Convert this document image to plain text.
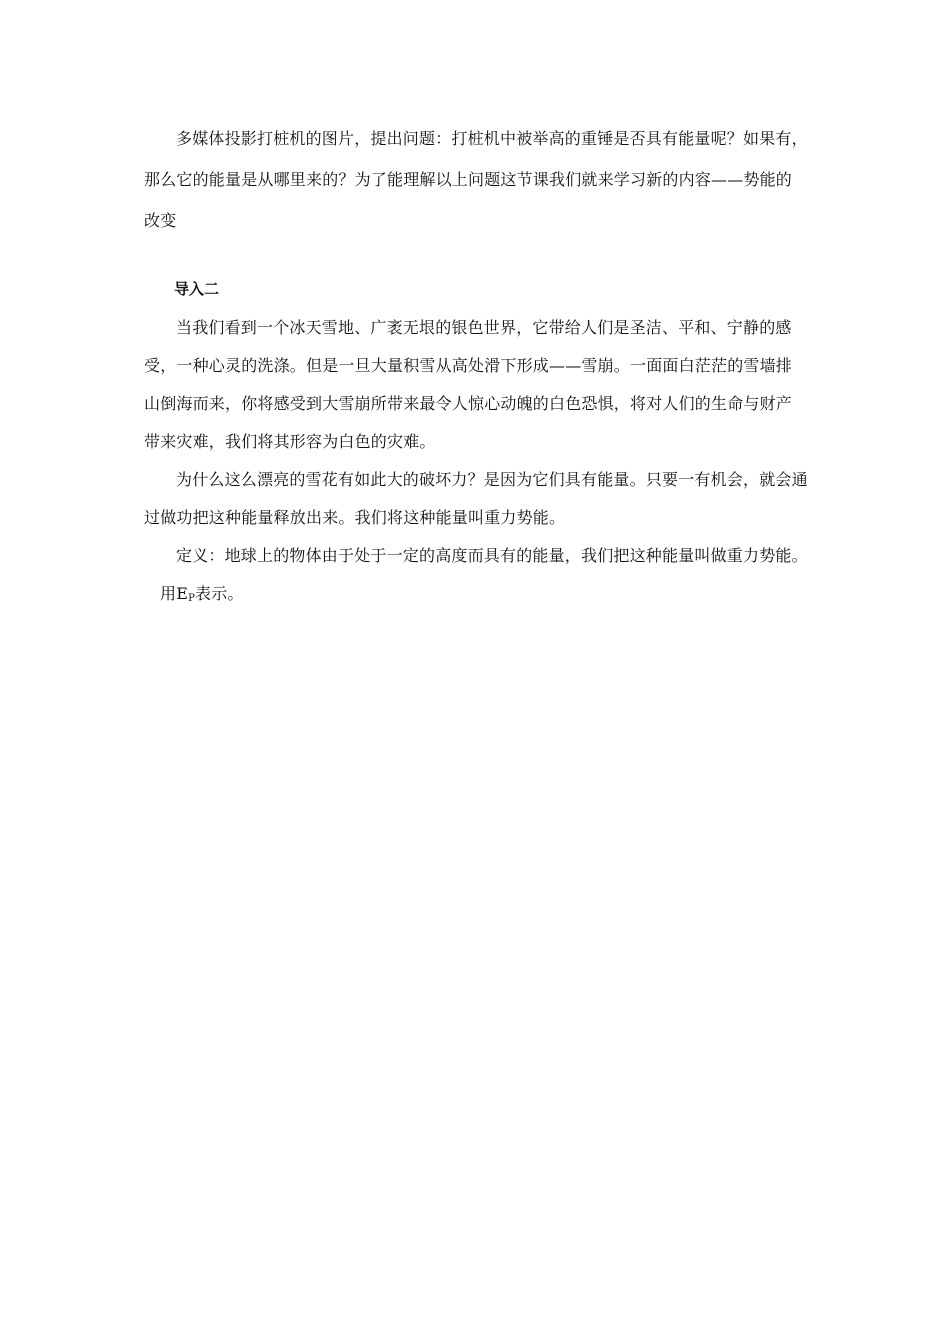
多媒体投影打桩机的图片，提出问题：打桩机中被举高的重锤是否具有能量呢？如果有，那么它的能量是从哪里来的？为了能理解以上问题这节课我们就来学习新的内容——势能的改变

导入二

当我们看到一个冰天雪地、广袤无垠的银色世界，它带给人们是圣洁、平和、宁静的感受，一种心灵的洗涤。但是一旦大量积雪从高处滑下形成——雪崩。一面面白茫茫的雪墙排山倒海而来，你将感受到大雪崩所带来最令人惊心动魄的白色恐惧，将对人们的生命与财产带来灾难，我们将其形容为白色的灾难。

为什么这么漂亮的雪花有如此大的破坏力？是因为它们具有能量。只要一有机会，就会通过做功把这种能量释放出来。我们将这种能量叫重力势能。

定义：地球上的物体由于处于一定的高度而具有的能量，我们把这种能量叫做重力势能。用EP表示。
